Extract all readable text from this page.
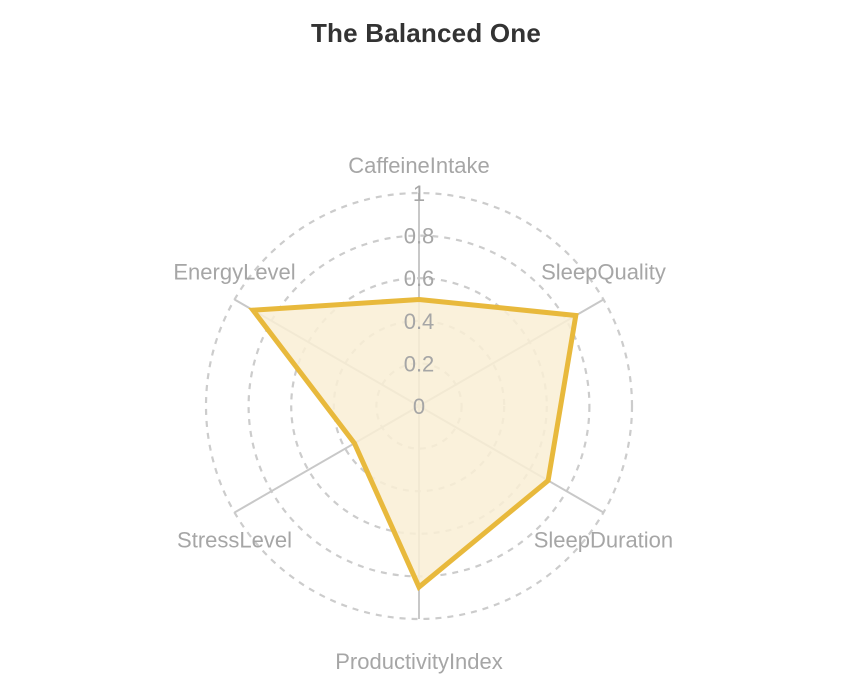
0
0.2
0.4
0.6
0.8
1
CaffeineIntake
SleepQuality
SleepDuration
ProductivityIndex
StressLevel
EnergyLevel
The Balanced One
